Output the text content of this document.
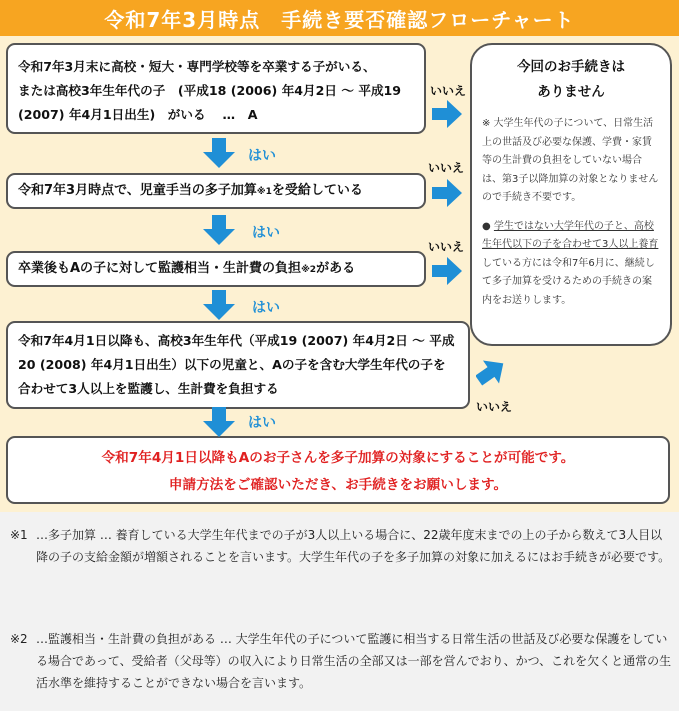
令和7年3月時点　手続き要否確認フローチャート
令和7年3月末に高校・短大・専門学校等を卒業する子がいる、
または高校3年生年代の子　(平成18 (2006) 年4月2日 ～ 平成19
(2007) 年4月1日出生)　がいる　 …　A
令和7年3月時点で、児童手当の多子加算※1を受給している
卒業後もAの子に対して監護相当・生計費の負担※2がある
令和7年4月1日以降も、高校3年生年代（平成19 (2007) 年4月2日 ～ 平成
20 (2008) 年4月1日出生）以下の児童と、Aの子を含む大学生年代の子を
合わせて3人以上を監護し、生計費を負担する
令和7年4月1日以降もAのお子さんを多子加算の対象にすることが可能です。
申請方法をご確認いただき、お手続きをお願いします。
今回のお手続きは
ありません
※ 大学生年代の子について、日常生活上の世話及び必要な保護、学費・家賃等の生計費の負担をしていない場合は、第3子以降加算の対象となりませんので手続き不要です。
● 学生ではない大学年代の子と、高校生年代以下の子を合わせて3人以上養育している方には令和7年6月に、継続して多子加算を受けるための手続きの案内をお送りします。
はい
はい
はい
はい
いいえ
いいえ
いいえ
いいえ
※1 …多子加算 … 養育している大学生年代までの子が3人以上いる場合に、22歳年度末までの上の子から数えて3人目以降の子の支給金額が増額されることを言います。大学生年代の子を多子加算の対象に加えるにはお手続きが必要です。
※2 …監護相当・生計費の負担がある … 大学生年代の子について監護に相当する日常生活の世話及び必要な保護をしている場合であって、受給者（父母等）の収入により日常生活の全部又は一部を営んでおり、かつ、これを欠くと通常の生活水準を維持することができない場合を言います。
